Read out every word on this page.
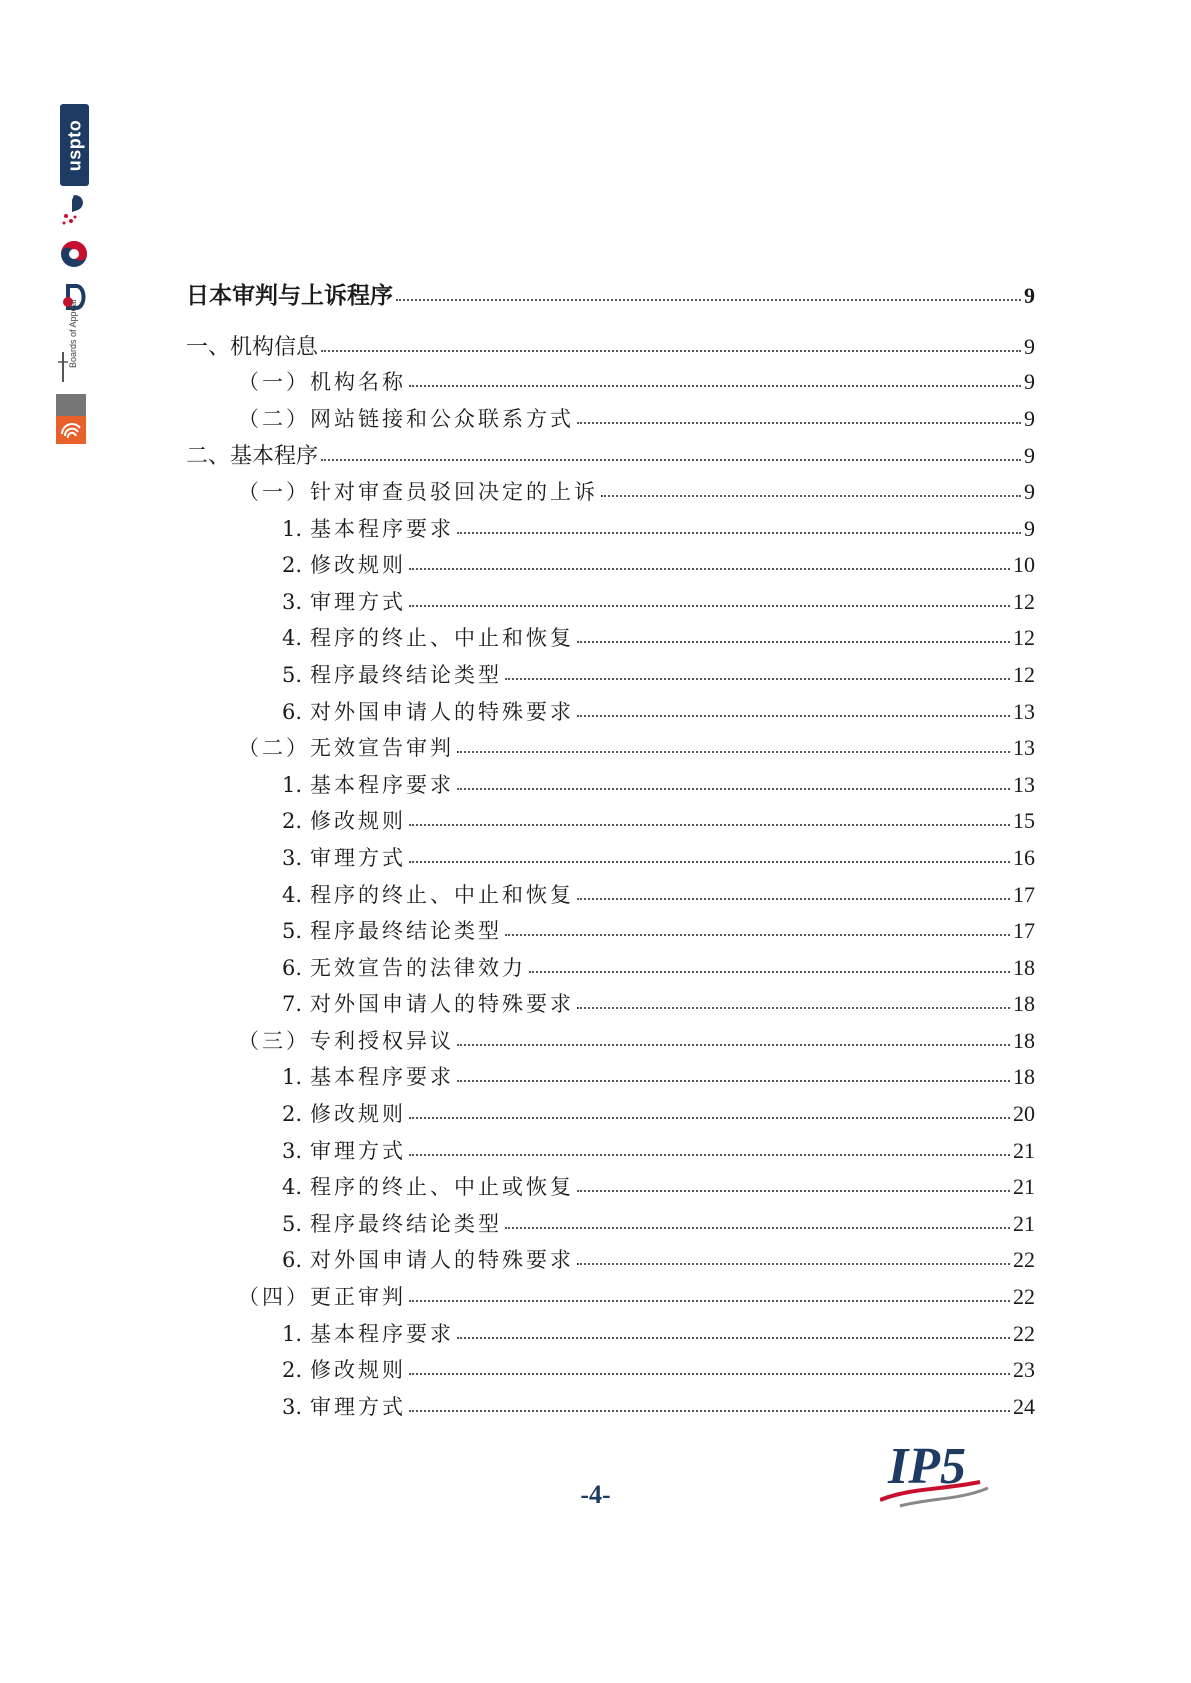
uspto
Boards of Appeal
日本审判与上诉程序	9
一、机构信息	9
（一）机构名称	9
（二）网站链接和公众联系方式	9
二、基本程序	9
（一）针对审查员驳回决定的上诉	9
1. 基本程序要求	9
2. 修改规则	10
3. 审理方式	12
4. 程序的终止、中止和恢复	12
5. 程序最终结论类型	12
6. 对外国申请人的特殊要求	13
（二）无效宣告审判	13
1. 基本程序要求	13
2. 修改规则	15
3. 审理方式	16
4. 程序的终止、中止和恢复	17
5. 程序最终结论类型	17
6. 无效宣告的法律效力	18
7. 对外国申请人的特殊要求	18
（三）专利授权异议	18
1. 基本程序要求	18
2. 修改规则	20
3. 审理方式	21
4. 程序的终止、中止或恢复	21
5. 程序最终结论类型	21
6. 对外国申请人的特殊要求	22
（四）更正审判	22
1. 基本程序要求	22
2. 修改规则	23
3. 审理方式	24
-4-	IP5
